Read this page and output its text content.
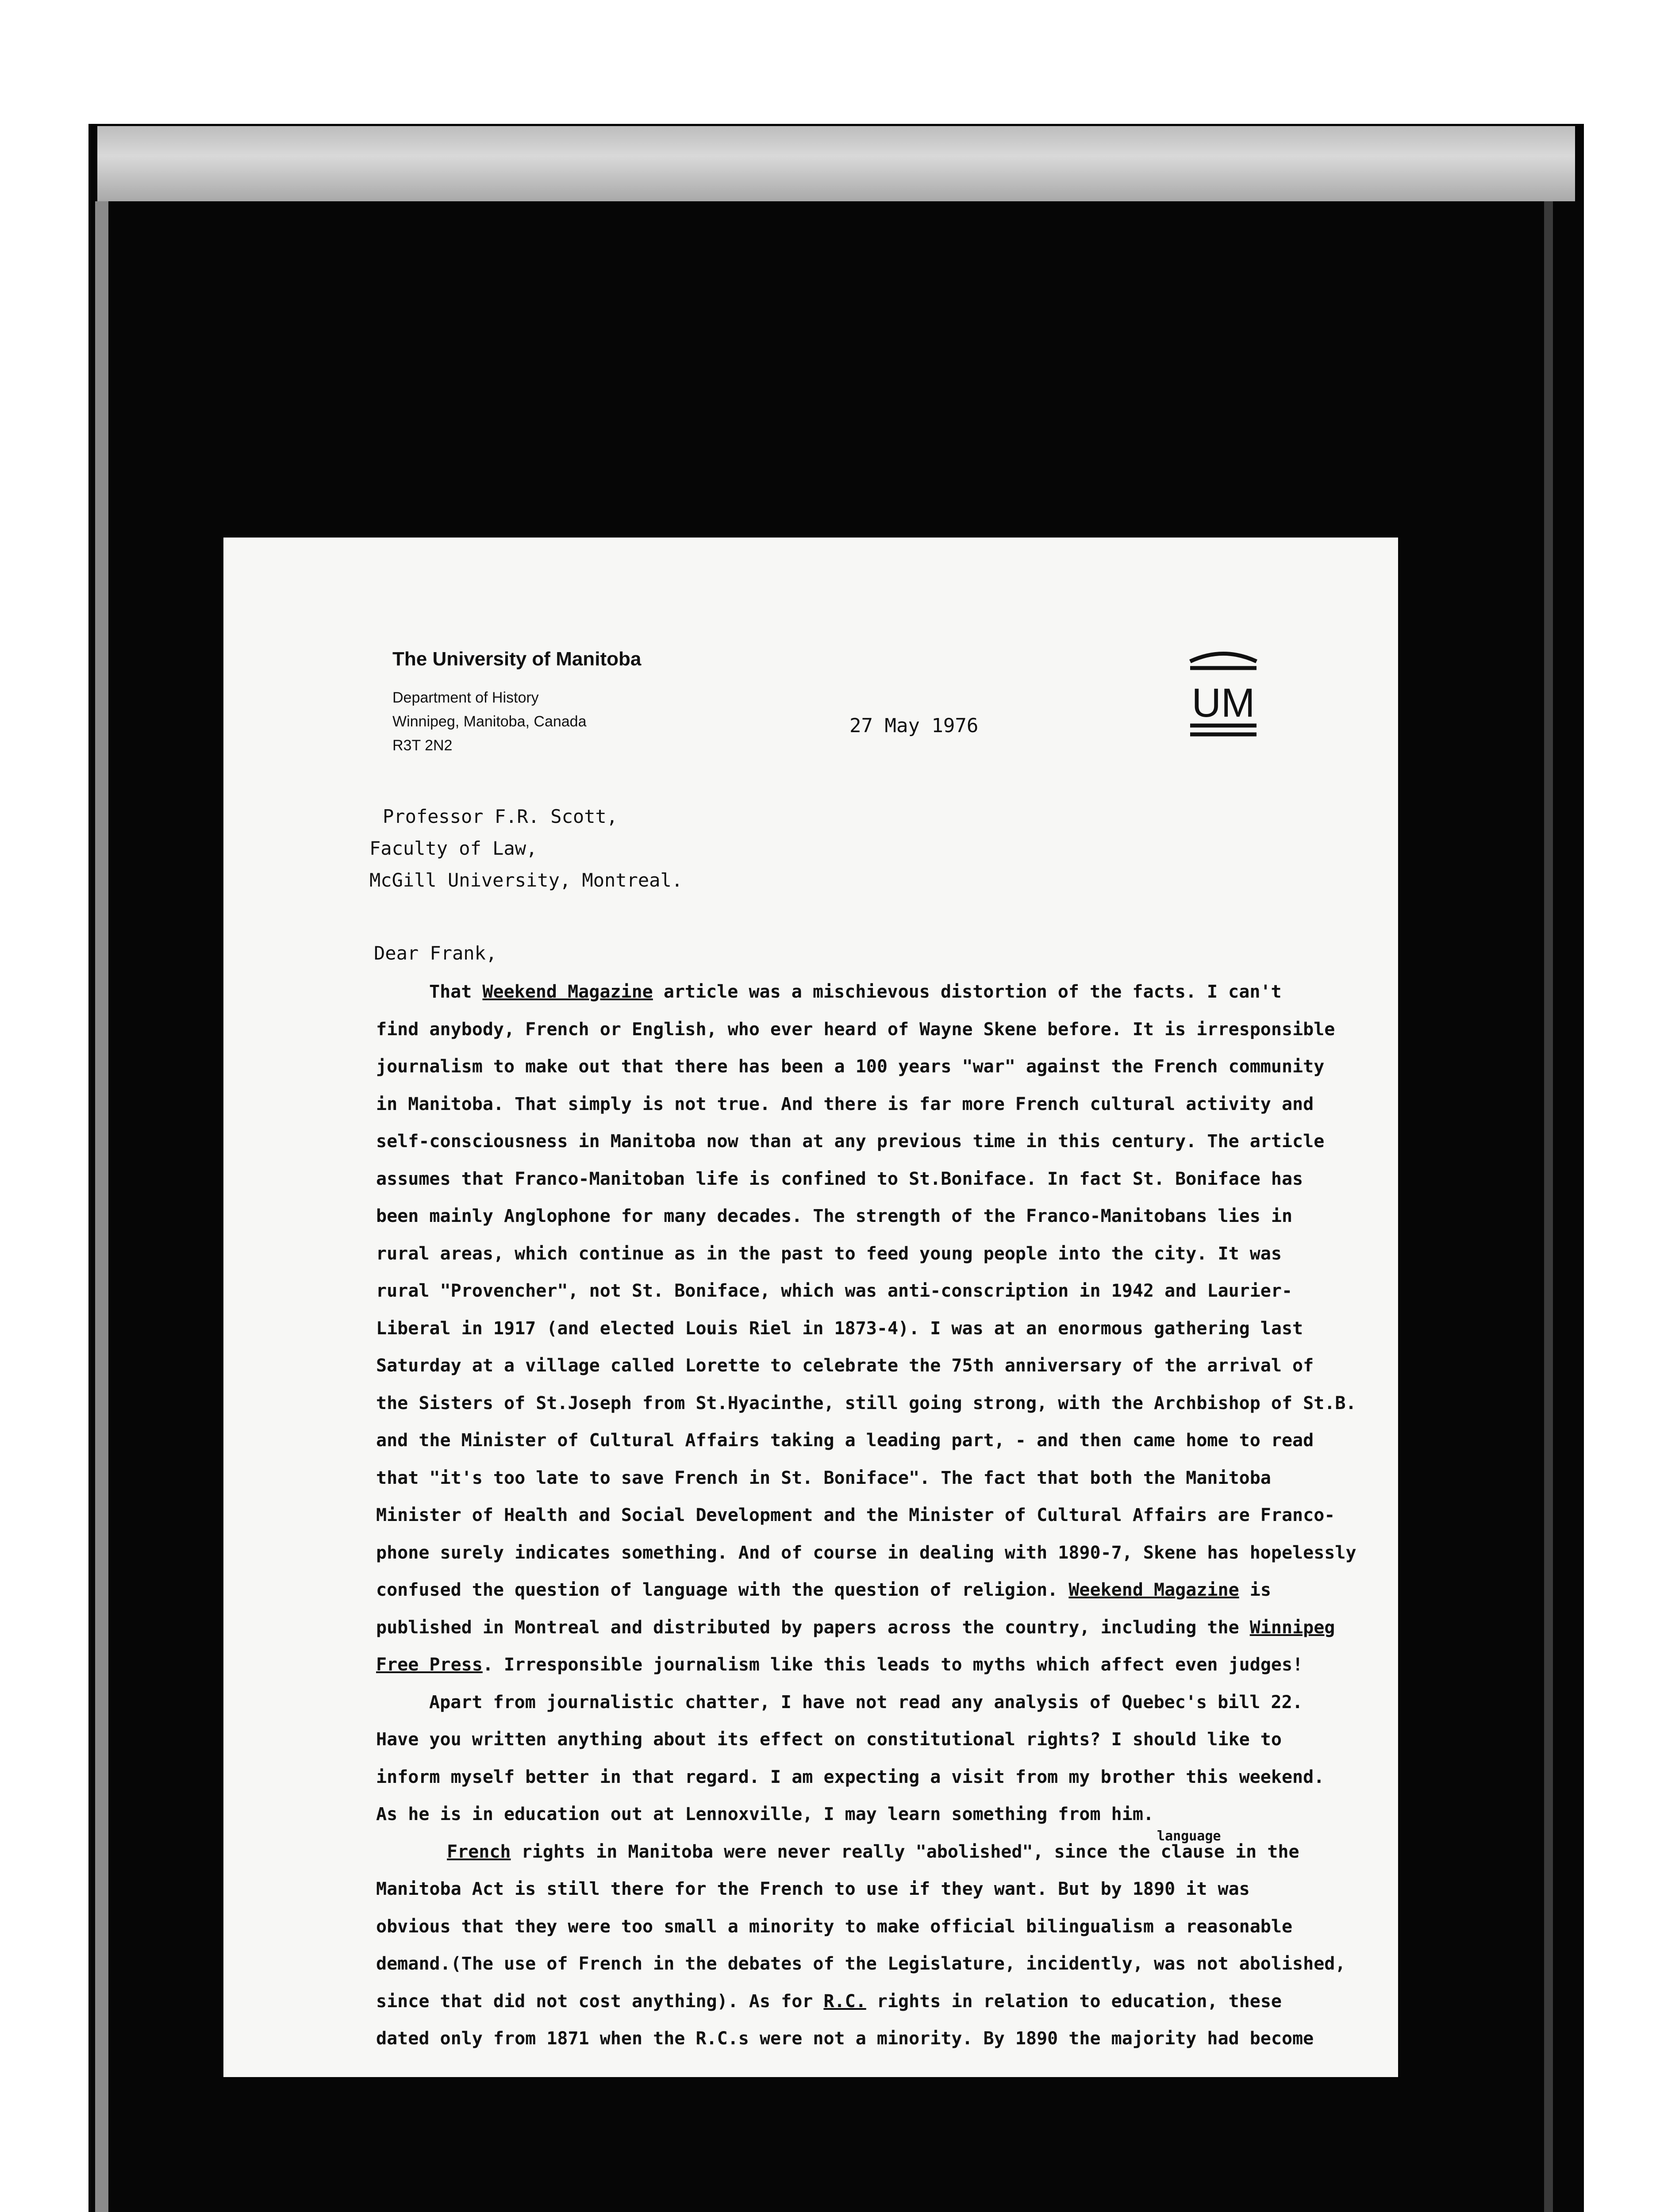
The University of Manitoba
Department of History
Winnipeg, Manitoba, Canada
R3T 2N2
27 May 1976
UM
Professor F.R. Scott,
Faculty of Law,
McGill University, Montreal.
Dear Frank,
language
That Weekend Magazine article was a mischievous distortion of the facts. I can't
find anybody, French or English, who ever heard of Wayne Skene before. It is irresponsible
journalism to make out that there has been a 100 years "war" against the French community
in Manitoba. That simply is not true. And there is far more French cultural activity and
self-consciousness in Manitoba now than at any previous time in this century. The article
assumes that Franco-Manitoban life is confined to St.Boniface. In fact St. Boniface has
been mainly Anglophone for many decades. The strength of the Franco-Manitobans lies in
rural areas, which continue as in the past to feed young people into the city. It was
rural "Provencher", not St. Boniface, which was anti-conscription in 1942 and Laurier-
Liberal in 1917 (and elected Louis Riel in 1873-4). I was at an enormous gathering last
Saturday at a village called Lorette to celebrate the 75th anniversary of the arrival of
the Sisters of St.Joseph from St.Hyacinthe, still going strong, with the Archbishop of St.B.
and the Minister of Cultural Affairs taking a leading part, - and then came home to read
that "it's too late to save French in St. Boniface". The fact that both the Manitoba
Minister of Health and Social Development and the Minister of Cultural Affairs are Franco-
phone surely indicates something. And of course in dealing with 1890-7, Skene has hopelessly
confused the question of language with the question of religion. Weekend Magazine is
published in Montreal and distributed by papers across the country, including the Winnipeg
Free Press. Irresponsible journalism like this leads to myths which affect even judges!
Apart from journalistic chatter, I have not read any analysis of Quebec's bill 22.
Have you written anything about its effect on constitutional rights? I should like to
inform myself better in that regard. I am expecting a visit from my brother this weekend.
As he is in education out at Lennoxville, I may learn something from him.
French rights in Manitoba were never really "abolished", since the clause in the
Manitoba Act is still there for the French to use if they want. But by 1890 it was
obvious that they were too small a minority to make official bilingualism a reasonable
demand.(The use of French in the debates of the Legislature, incidently, was not abolished,
since that did not cost anything). As for R.C. rights in relation to education, these
dated only from 1871 when the R.C.s were not a minority. By 1890 the majority had become
